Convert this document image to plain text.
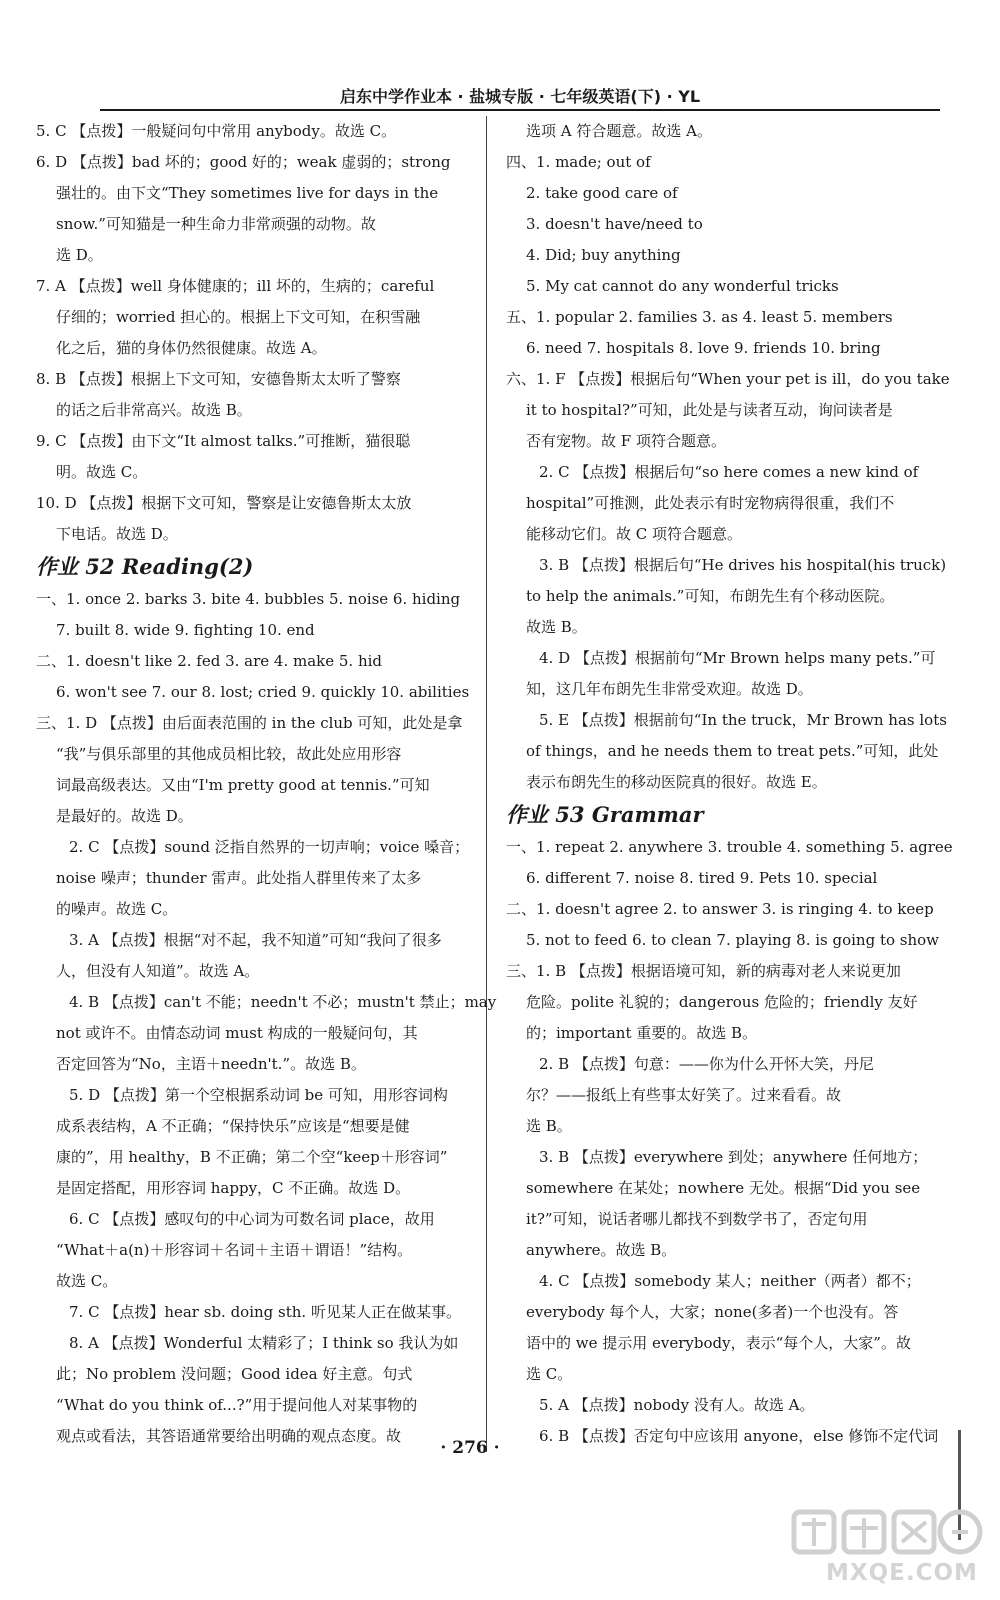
启东中学作业本 · 盐城专版 · 七年级英语(下) · YL
5. C 【点拨】一般疑问句中常用 anybody。故选 C。
6. D 【点拨】bad 坏的；good 好的；weak 虚弱的；strong
强壮的。由下文“They sometimes live for days in the
snow.”可知猫是一种生命力非常顽强的动物。故
选 D。
7. A 【点拨】well 身体健康的；ill 坏的，生病的；careful
仔细的；worried 担心的。根据上下文可知，在积雪融
化之后，猫的身体仍然很健康。故选 A。
8. B 【点拨】根据上下文可知，安德鲁斯太太听了警察
的话之后非常高兴。故选 B。
9. C 【点拨】由下文“It almost talks.”可推断，猫很聪
明。故选 C。
10. D 【点拨】根据下文可知，警察是让安德鲁斯太太放
下电话。故选 D。
作业 52 Reading(2)
一、1. once 2. barks 3. bite 4. bubbles 5. noise 6. hiding
7. built 8. wide 9. fighting 10. end
二、1. doesn't like 2. fed 3. are 4. make 5. hid
6. won't see 7. our 8. lost; cried 9. quickly 10. abilities
三、1. D 【点拨】由后面表范围的 in the club 可知，此处是拿
“我”与俱乐部里的其他成员相比较，故此处应用形容
词最高级表达。又由“I'm pretty good at tennis.”可知
是最好的。故选 D。
2. C 【点拨】sound 泛指自然界的一切声响；voice 嗓音；
noise 噪声；thunder 雷声。此处指人群里传来了太多
的噪声。故选 C。
3. A 【点拨】根据“对不起，我不知道”可知“我问了很多
人，但没有人知道”。故选 A。
4. B 【点拨】can't 不能；needn't 不必；mustn't 禁止；may
not 或许不。由情态动词 must 构成的一般疑问句，其
否定回答为“No，主语＋needn't.”。故选 B。
5. D 【点拨】第一个空根据系动词 be 可知，用形容词构
成系表结构，A 不正确；“保持快乐”应该是“想要是健
康的”，用 healthy，B 不正确；第二个空“keep＋形容词”
是固定搭配，用形容词 happy，C 不正确。故选 D。
6. C 【点拨】感叹句的中心词为可数名词 place，故用
“What＋a(n)＋形容词＋名词＋主语＋谓语！”结构。
故选 C。
7. C 【点拨】hear sb. doing sth. 听见某人正在做某事。
8. A 【点拨】Wonderful 太精彩了；I think so 我认为如
此；No problem 没问题；Good idea 好主意。句式
“What do you think of...?”用于提问他人对某事物的
观点或看法，其答语通常要给出明确的观点态度。故
选项 A 符合题意。故选 A。
四、1. made; out of
2. take good care of
3. doesn't have/need to
4. Did; buy anything
5. My cat cannot do any wonderful tricks
五、1. popular 2. families 3. as 4. least 5. members
6. need 7. hospitals 8. love 9. friends 10. bring
六、1. F 【点拨】根据后句“When your pet is ill，do you take
it to hospital?”可知，此处是与读者互动，询问读者是
否有宠物。故 F 项符合题意。
2. C 【点拨】根据后句“so here comes a new kind of
hospital”可推测，此处表示有时宠物病得很重，我们不
能移动它们。故 C 项符合题意。
3. B 【点拨】根据后句“He drives his hospital(his truck)
to help the animals.”可知，布朗先生有个移动医院。
故选 B。
4. D 【点拨】根据前句“Mr Brown helps many pets.”可
知，这几年布朗先生非常受欢迎。故选 D。
5. E 【点拨】根据前句“In the truck，Mr Brown has lots
of things，and he needs them to treat pets.”可知，此处
表示布朗先生的移动医院真的很好。故选 E。
作业 53 Grammar
一、1. repeat 2. anywhere 3. trouble 4. something 5. agree
6. different 7. noise 8. tired 9. Pets 10. special
二、1. doesn't agree 2. to answer 3. is ringing 4. to keep
5. not to feed 6. to clean 7. playing 8. is going to show
三、1. B 【点拨】根据语境可知，新的病毒对老人来说更加
危险。polite 礼貌的；dangerous 危险的；friendly 友好
的；important 重要的。故选 B。
2. B 【点拨】句意：——你为什么开怀大笑，丹尼
尔？——报纸上有些事太好笑了。过来看看。故
选 B。
3. B 【点拨】everywhere 到处；anywhere 任何地方；
somewhere 在某处；nowhere 无处。根据“Did you see
it?”可知，说话者哪儿都找不到数学书了，否定句用
anywhere。故选 B。
4. C 【点拨】somebody 某人；neither（两者）都不；
everybody 每个人，大家；none(多者)一个也没有。答
语中的 we 提示用 everybody，表示“每个人，大家”。故
选 C。
5. A 【点拨】nobody 没有人。故选 A。
6. B 【点拨】否定句中应该用 anyone，else 修饰不定代词
· 276 ·
MXQE.COM
